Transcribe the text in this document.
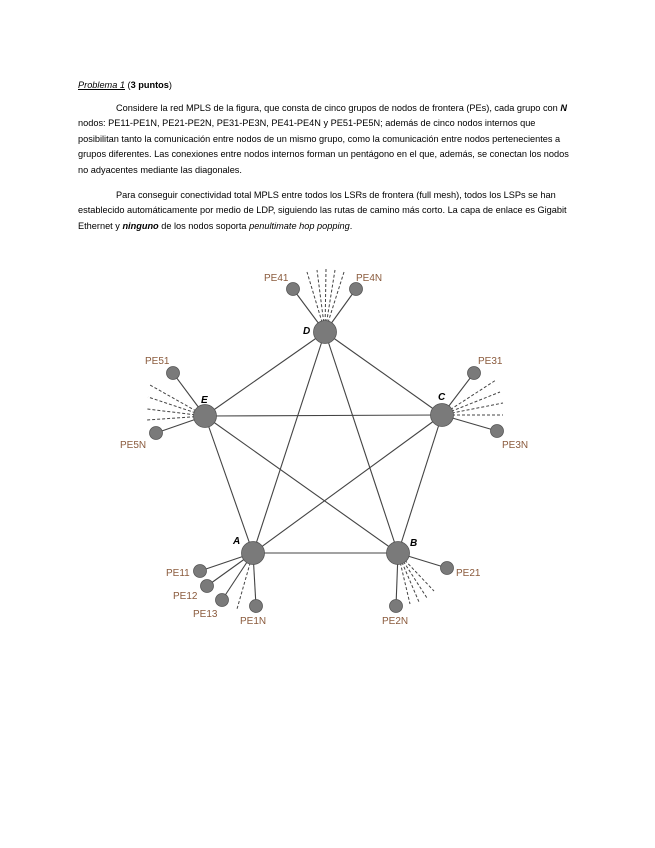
Problema 1 (3 puntos)
Considere la red MPLS de la figura, que consta de cinco grupos de nodos de frontera (PEs), cada grupo con N nodos: PE11-PE1N, PE21-PE2N, PE31-PE3N, PE41-PE4N y PE51-PE5N; además de cinco nodos internos que posibilitan tanto la comunicación entre nodos de un mismo grupo, como la comunicación entre nodos pertenecientes a grupos diferentes. Las conexiones entre nodos internos forman un pentágono en el que, además, se conectan los nodos no adyacentes mediante las diagonales.
Para conseguir conectividad total MPLS entre todos los LSRs de frontera (full mesh), todos los LSPs se han establecido automáticamente por medio de LDP, siguiendo las rutas de camino más corto. La capa de enlace es Gigabit Ethernet y ninguno de los nodos soporta penultimate hop popping.
D
C
B
A
E
PE41	PE4N
PE31
PE3N
PE51
PE5N
PE11
PE12
PE13
PE1N
PE21
PE2N
